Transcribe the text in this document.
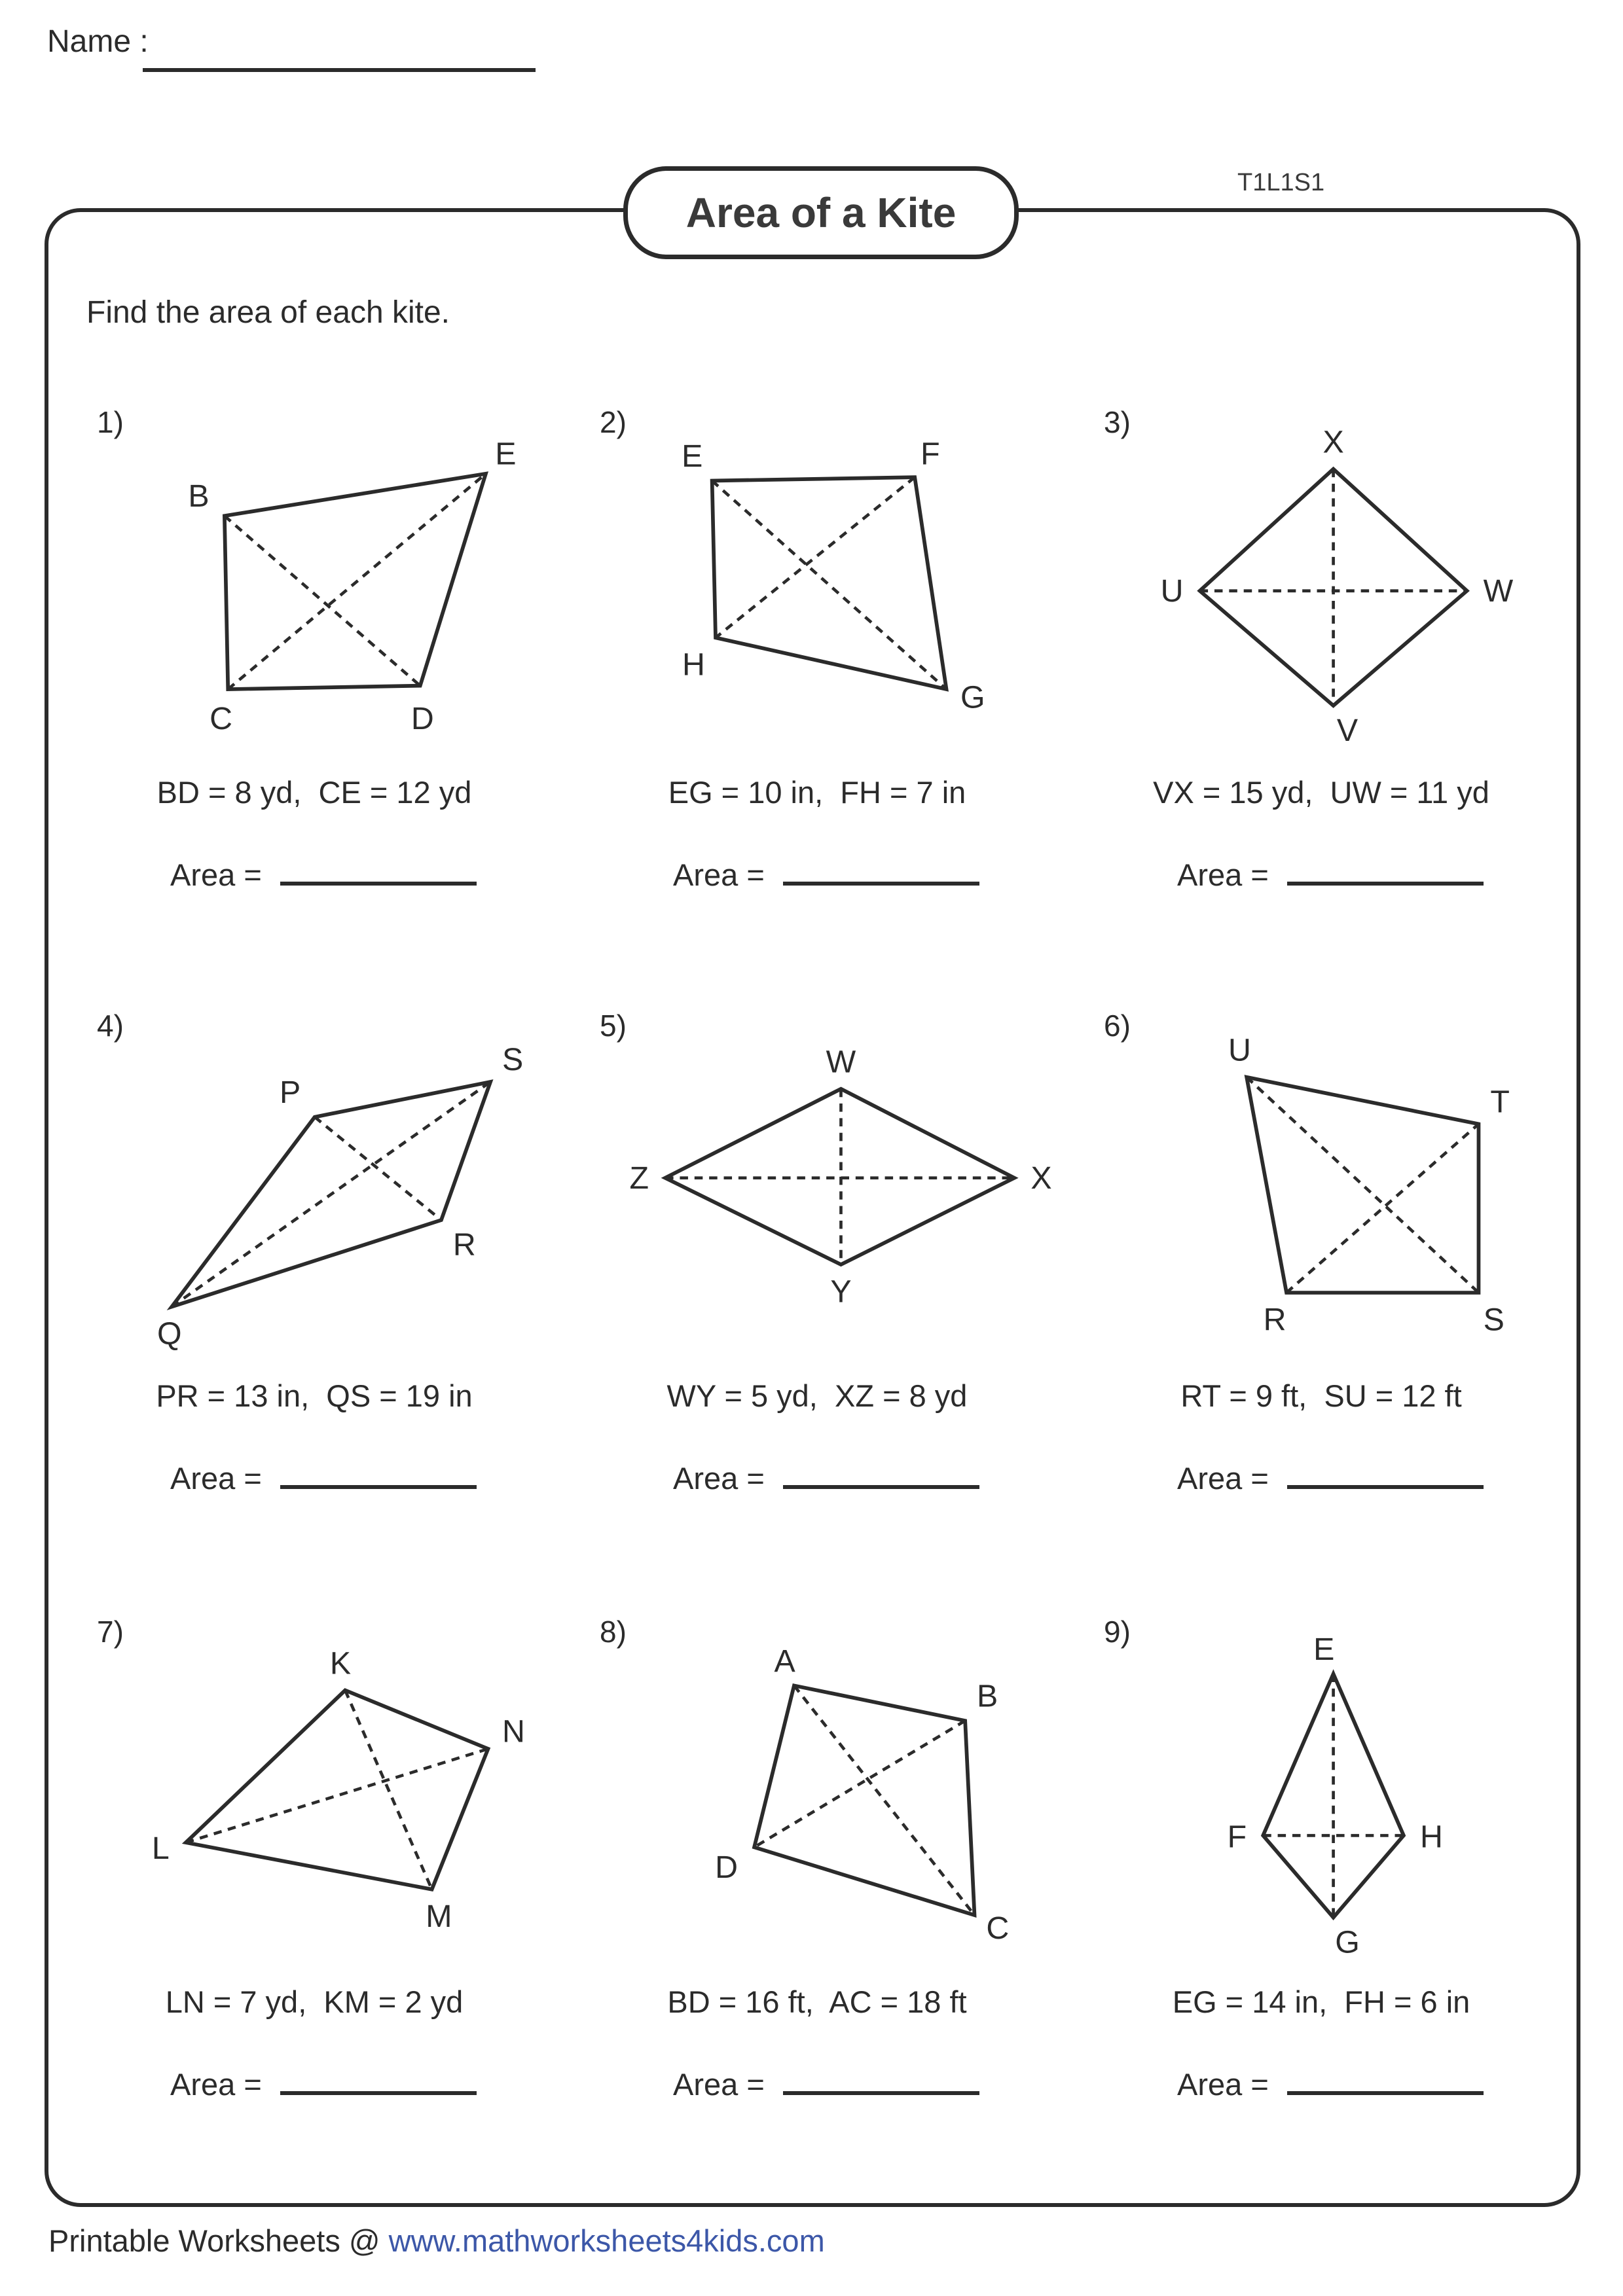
Name :
Area of a Kite
T1L1S1
Find the area of each kite.
1)
B
E
C	D
BD = 8 yd,  CE = 12 yd
Area =
2)
E	F
H
G
EG = 10 in,  FH = 7 in
Area =
3)
X
U	W
V
VX = 15 yd,  UW = 11 yd
Area =
4)
P
S
R
Q
PR = 13 in,  QS = 19 in
Area =
5)
W
Z	X
Y
WY = 5 yd,  XZ = 8 yd
Area =
6)
U
T
R	S
RT = 9 ft,  SU = 12 ft
Area =
7)
K
N
L
M
LN = 7 yd,  KM = 2 yd
Area =
8)
A
B
D
C
BD = 16 ft,  AC = 18 ft
Area =
9)	E
F	H
G
EG = 14 in,  FH = 6 in
Area =
Printable Worksheets @ www.mathworksheets4kids.com
